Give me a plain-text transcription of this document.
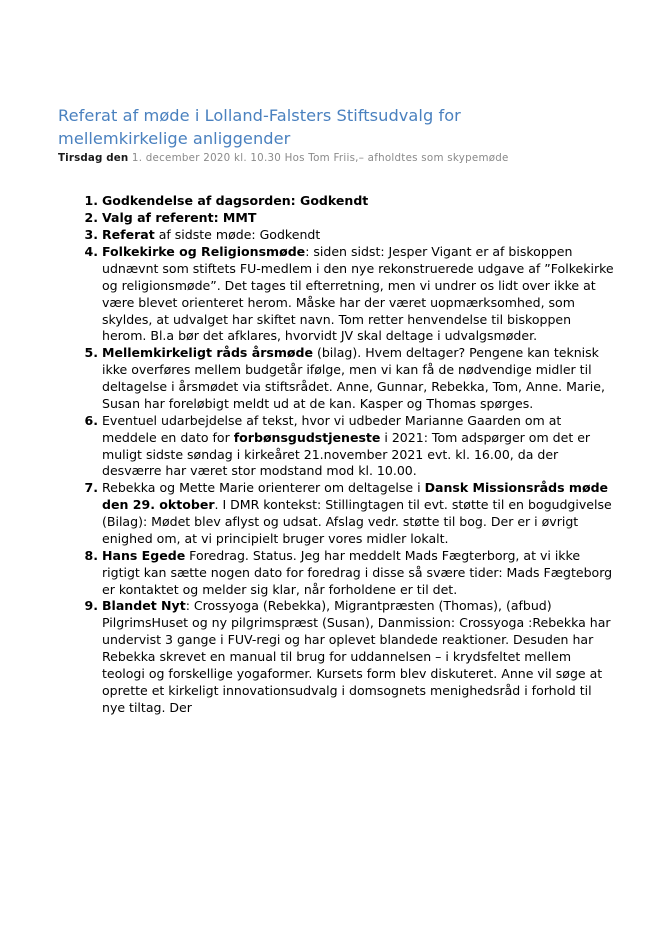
Referat af møde i Lolland-Falsters Stiftsudvalg for mellemkirkelige anliggender

Tirsdag den 1. december 2020 kl. 10.30 Hos Tom Friis,– afholdtes som skypemøde

Godkendelse af dagsorden: Godkendt
Valg af referent: MMT
Referat af sidste møde: Godkendt
Folkekirke og Religionsmøde: siden sidst: Jesper Vigant er af biskoppen udnævnt som stiftets FU-medlem i den nye rekonstruerede udgave af ”Folkekirke og religionsmøde”. Det tages til efterretning, men vi undrer os lidt over ikke at være blevet orienteret herom. Måske har der været uopmærksomhed, som skyldes, at udvalget har skiftet navn. Tom retter henvendelse til biskoppen herom. Bl.a bør det afklares, hvorvidt JV skal deltage i udvalgsmøder.
Mellemkirkeligt råds årsmøde (bilag). Hvem deltager? Pengene kan teknisk ikke overføres mellem budgetår ifølge, men vi kan få de nødvendige midler til deltagelse i årsmødet via stiftsrådet. Anne, Gunnar, Rebekka, Tom, Anne. Marie, Susan har foreløbigt meldt ud at de kan. Kasper og Thomas spørges.
Eventuel udarbejdelse af tekst, hvor vi udbeder Marianne Gaarden om at meddele en dato for forbønsgudstjeneste i 2021: Tom adspørger om det er muligt sidste søndag i kirkeåret 21.november 2021 evt. kl. 16.00, da der desværre har været stor modstand mod kl. 10.00.
Rebekka og Mette Marie orienterer om deltagelse i Dansk Missionsråds møde den 29. oktober. I DMR kontekst: Stillingtagen til evt. støtte til en bogudgivelse (Bilag): Mødet blev aflyst og udsat. Afslag vedr. støtte til bog. Der er i øvrigt enighed om, at vi principielt bruger vores midler lokalt.
Hans Egede Foredrag. Status. Jeg har meddelt Mads Fægterborg, at vi ikke rigtigt kan sætte nogen dato for foredrag i disse så svære tider: Mads Fægteborg er kontaktet og melder sig klar, når forholdene er til det.
Blandet Nyt: Crossyoga (Rebekka), Migrantpræsten (Thomas), (afbud) PilgrimsHuset og ny pilgrimspræst (Susan), Danmission: Crossyoga :Rebekka har undervist 3 gange i FUV-regi og har oplevet blandede reaktioner. Desuden har Rebekka skrevet en manual til brug for uddannelsen – i krydsfeltet mellem teologi og forskellige yogaformer. Kursets form blev diskuteret. Anne vil søge at oprette et kirkeligt innovationsudvalg i domsognets menighedsråd i forhold til nye tiltag. Der
